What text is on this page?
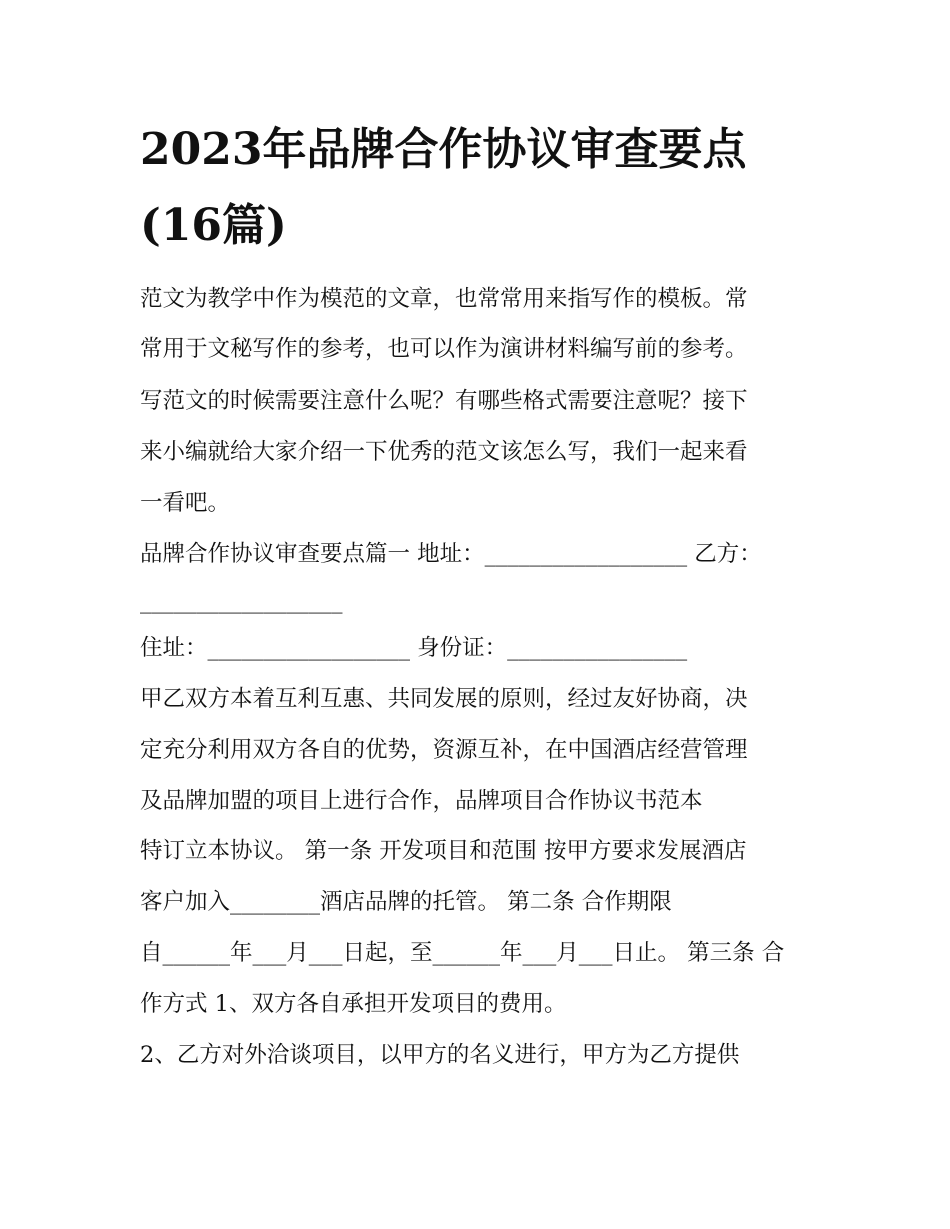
2023年品牌合作协议审查要点
(16篇)
范文为教学中作为模范的文章，也常常用来指写作的模板。常
常用于文秘写作的参考，也可以作为演讲材料编写前的参考。
写范文的时候需要注意什么呢？有哪些格式需要注意呢？接下
来小编就给大家介绍一下优秀的范文该怎么写，我们一起来看
一看吧。
品牌合作协议审查要点篇一 地址：__________________ 乙方：
__________________
住址：__________________ 身份证：________________
甲乙双方本着互利互惠、共同发展的原则，经过友好协商，决
定充分利用双方各自的优势，资源互补，在中国酒店经营管理
及品牌加盟的项目上进行合作，品牌项目合作协议书范本
特订立本协议。 第一条 开发项目和范围 按甲方要求发展酒店
客户加入________酒店品牌的托管。 第二条 合作期限
自______年___月___日起，至______年___月___日止。 第三条 合
作方式 1、双方各自承担开发项目的费用。
2、乙方对外洽谈项目，以甲方的名义进行，甲方为乙方提供
